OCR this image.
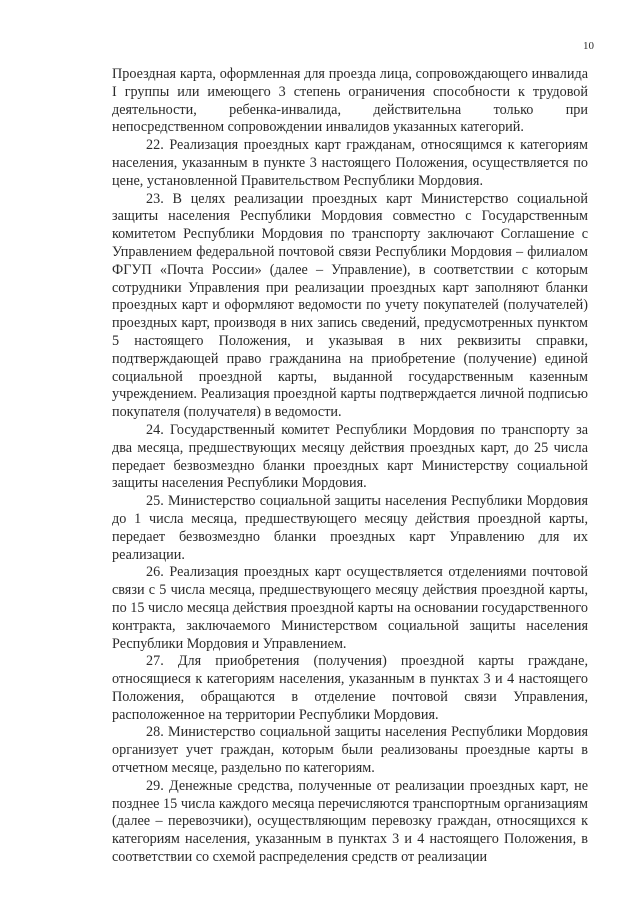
10

Проездная карта, оформленная для проезда лица, сопровождающего инвалида I группы или имеющего 3 степень ограничения способности к трудовой деятельности, ребенка-инвалида, действительна только при непосредственном сопровождении инвалидов указанных категорий.

22. Реализация проездных карт гражданам, относящимся к категориям населения, указанным в пункте 3 настоящего Положения, осуществляется по цене, установленной Правительством Республики Мордовия.

23. В целях реализации проездных карт Министерство социальной защиты населения Республики Мордовия совместно с Государственным комитетом Республики Мордовия по транспорту заключают Соглашение с Управлением федеральной почтовой связи Республики Мордовия – филиалом ФГУП «Почта России» (далее – Управление), в соответствии с которым сотрудники Управления при реализации проездных карт заполняют бланки проездных карт и оформляют ведомости по учету покупателей (получателей) проездных карт, производя в них запись сведений, предусмотренных пунктом 5 настоящего Положения, и указывая в них реквизиты справки, подтверждающей право гражданина на приобретение (получение) единой социальной проездной карты, выданной государственным казенным учреждением. Реализация проездной карты подтверждается личной подписью покупателя (получателя) в ведомости.

24. Государственный комитет Республики Мордовия по транспорту за два месяца, предшествующих месяцу действия проездных карт, до 25 числа передает безвозмездно бланки проездных карт Министерству социальной защиты населения Республики Мордовия.

25. Министерство социальной защиты населения Республики Мордовия до 1 числа месяца, предшествующего месяцу действия проездной карты, передает безвозмездно бланки проездных карт Управлению для их реализации.

26. Реализация проездных карт осуществляется отделениями почтовой связи с 5 числа месяца, предшествующего месяцу действия проездной карты, по 15 число месяца действия проездной карты на основании государственного контракта, заключаемого Министерством социальной защиты населения Республики Мордовия и Управлением.

27. Для приобретения (получения) проездной карты граждане, относящиеся к категориям населения, указанным в пунктах 3 и 4 настоящего Положения, обращаются в отделение почтовой связи Управления, расположенное на территории Республики Мордовия.

28. Министерство социальной защиты населения Республики Мордовия организует учет граждан, которым были реализованы проездные карты в отчетном месяце, раздельно по категориям.

29. Денежные средства, полученные от реализации проездных карт, не позднее 15 числа каждого месяца перечисляются транспортным организациям (далее – перевозчики), осуществляющим перевозку граждан, относящихся к категориям населения, указанным в пунктах 3 и 4 настоящего Положения, в соответствии со схемой распределения средств от реализации
